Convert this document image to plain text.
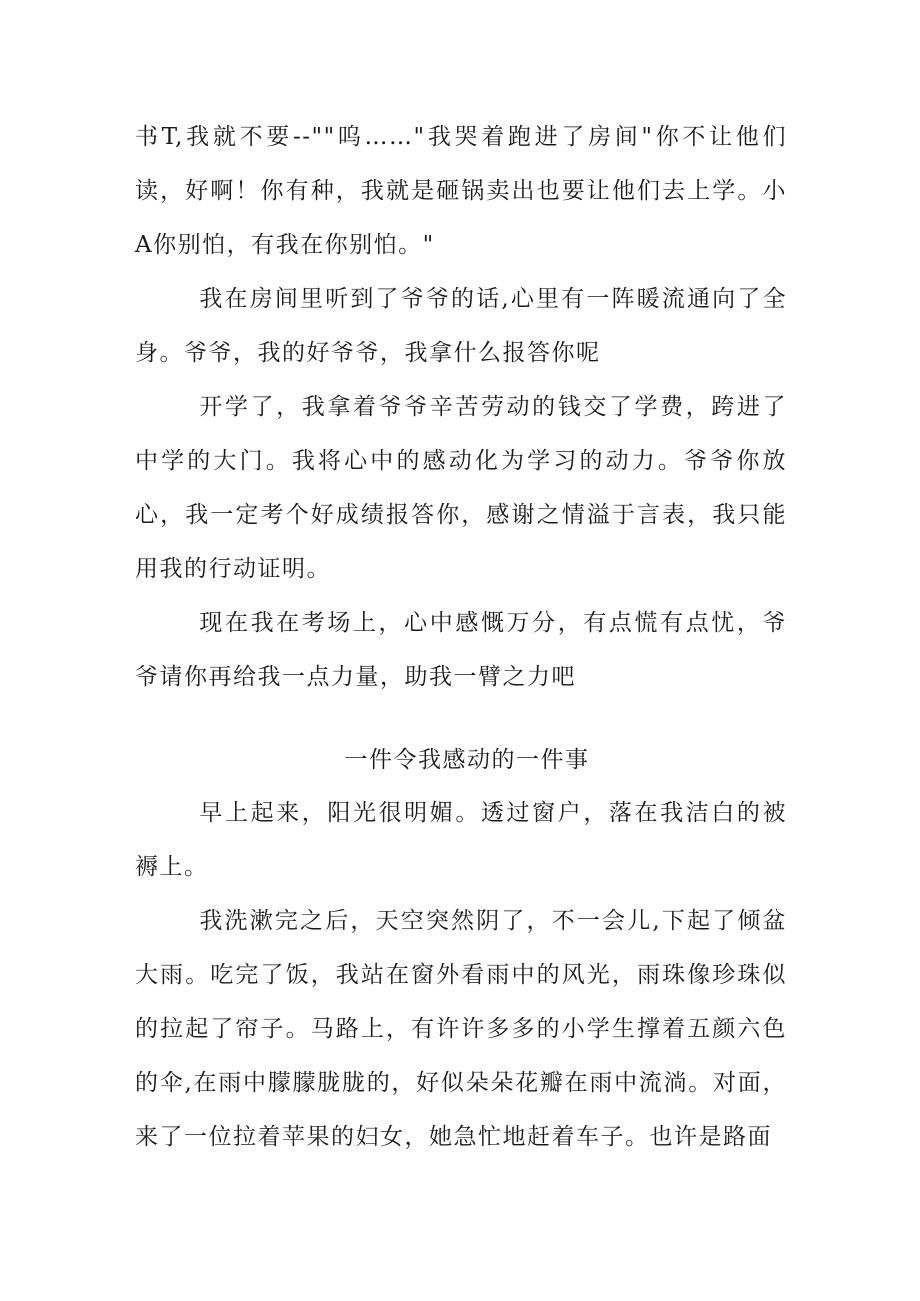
书T,我就不要--""呜……"我哭着跑进了房间"你不让他们读，好啊！你有种，我就是砸锅卖出也要让他们去上学。小A你别怕，有我在你别怕。"

我在房间里听到了爷爷的话,心里有一阵暖流通向了全身。爷爷，我的好爷爷，我拿什么报答你呢

开学了，我拿着爷爷辛苦劳动的钱交了学费，跨进了中学的大门。我将心中的感动化为学习的动力。爷爷你放心，我一定考个好成绩报答你，感谢之情溢于言表，我只能用我的行动证明。

现在我在考场上，心中感慨万分，有点慌有点忧，爷爷请你再给我一点力量，助我一臂之力吧

一件令我感动的一件事

早上起来，阳光很明媚。透过窗户，落在我洁白的被褥上。

我洗漱完之后，天空突然阴了，不一会儿,下起了倾盆大雨。吃完了饭，我站在窗外看雨中的风光，雨珠像珍珠似的拉起了帘子。马路上，有许许多多的小学生撑着五颜六色的伞,在雨中朦朦胧胧的，好似朵朵花瓣在雨中流淌。对面，来了一位拉着苹果的妇女，她急忙地赶着车子。也许是路面
